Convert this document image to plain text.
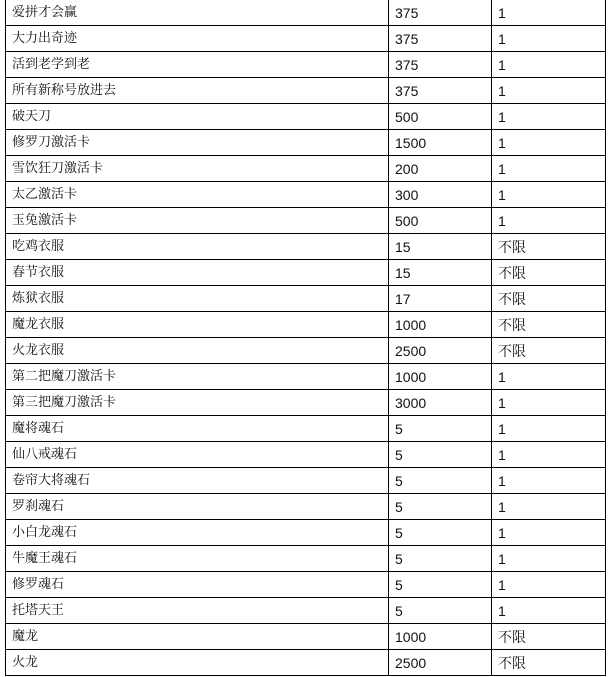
爱拼才会赢	375	1
大力出奇迹	375	1
活到老学到老	375	1
所有新称号放进去	375	1
破天刀	500	1
修罗刀激活卡	1500	1
雪饮狂刀激活卡	200	1
太乙激活卡	300	1
玉兔激活卡	500	1
吃鸡衣服	15	不限
春节衣服	15	不限
炼狱衣服	17	不限
魔龙衣服	1000	不限
火龙衣服	2500	不限
第二把魔刀激活卡	1000	1
第三把魔刀激活卡	3000	1
魔将魂石	5	1
仙八戒魂石	5	1
卷帘大将魂石	5	1
罗刹魂石	5	1
小白龙魂石	5	1
牛魔王魂石	5	1
修罗魂石	5	1
托塔天王	5	1
魔龙	1000	不限
火龙	2500	不限
